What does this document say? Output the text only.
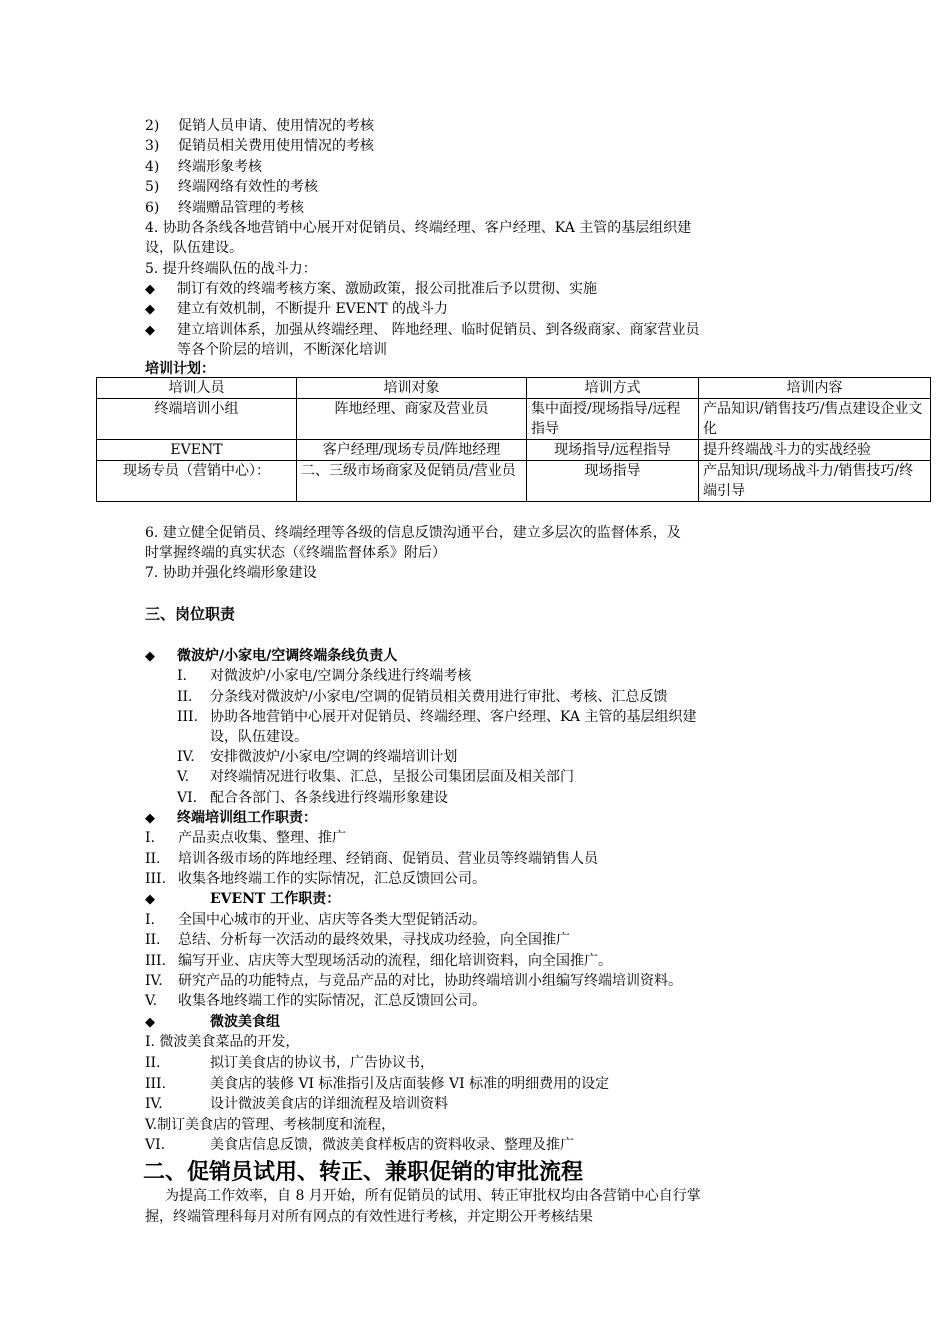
2) 促销人员申请、使用情况的考核
3) 促销员相关费用使用情况的考核
4) 终端形象考核
5) 终端网络有效性的考核
6) 终端赠品管理的考核
4. 协助各条线各地营销中心展开对促销员、终端经理、客户经理、KA 主管的基层组织建
设，队伍建设。
5. 提升终端队伍的战斗力：
◆ 制订有效的终端考核方案、激励政策，报公司批准后予以贯彻、实施
◆ 建立有效机制，不断提升 EVENT 的战斗力
◆ 建立培训体系，加强从终端经理、 阵地经理、临时促销员、到各级商家、商家营业员
等各个阶层的培训，不断深化培训
培训计划：
培训人员	培训对象	培训方式	培训内容
终端培训小组	阵地经理、商家及营业员	集中面授/现场指导/远程指导	产品知识/销售技巧/售点建设企业文化
EVENT	客户经理/现场专员/阵地经理	现场指导/远程指导	提升终端战斗力的实战经验
现场专员（营销中心）：	二、三级市场商家及促销员/营业员	现场指导	产品知识/现场战斗力/销售技巧/终端引导
6. 建立健全促销员、终端经理等各级的信息反馈沟通平台，建立多层次的监督体系，及
时掌握终端的真实状态（《终端监督体系》附后）
7. 协助并强化终端形象建设
三、岗位职责
◆ 微波炉/小家电/空调终端条线负责人
I. 对微波炉/小家电/空调分条线进行终端考核
II. 分条线对微波炉/小家电/空调的促销员相关费用进行审批、考核、汇总反馈
III. 协助各地营销中心展开对促销员、终端经理、客户经理、KA 主管的基层组织建
设，队伍建设。
IV. 安排微波炉/小家电/空调的终端培训计划
V. 对终端情况进行收集、汇总，呈报公司集团层面及相关部门
VI. 配合各部门、各条线进行终端形象建设
◆ 终端培训组工作职责：
I. 产品卖点收集、整理、推广
II. 培训各级市场的阵地经理、经销商、促销员、营业员等终端销售人员
III. 收集各地终端工作的实际情况，汇总反馈回公司。
◆	EVENT 工作职责：
I. 全国中心城市的开业、店庆等各类大型促销活动。
II. 总结、分析每一次活动的最终效果，寻找成功经验，向全国推广
III. 编写开业、店庆等大型现场活动的流程，细化培训资料，向全国推广。
IV. 研究产品的功能特点，与竞品产品的对比，协助终端培训小组编写终端培训资料。
V. 收集各地终端工作的实际情况，汇总反馈回公司。
◆	微波美食组
I. 微波美食菜品的开发，
II.	拟订美食店的协议书，广告协议书，
III.	美食店的装修 VI 标准指引及店面装修 VI 标准的明细费用的设定
IV.	设计微波美食店的详细流程及培训资料
V.制订美食店的管理、考核制度和流程，
VI.	美食店信息反馈，微波美食样板店的资料收录、整理及推广
二、促销员试用、转正、兼职促销的审批流程
为提高工作效率，自 8 月开始，所有促销员的试用、转正审批权均由各营销中心自行掌
握，终端管理科每月对所有网点的有效性进行考核，并定期公开考核结果
